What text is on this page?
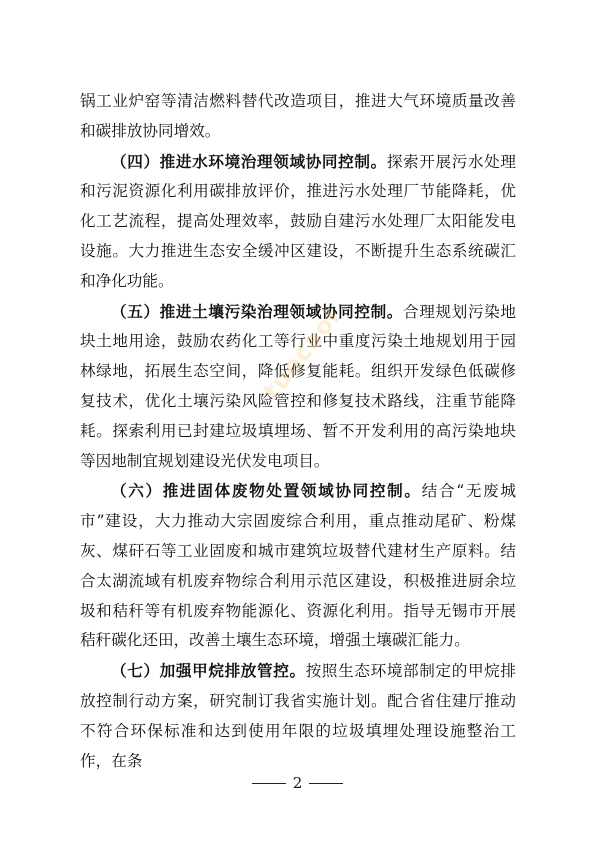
锅工业炉窑等清洁燃料替代改造项目，推进大气环境质量改善和碳排放协同增效。

（四）推进水环境治理领域协同控制。探索开展污水处理和污泥资源化利用碳排放评价，推进污水处理厂节能降耗，优化工艺流程，提高处理效率，鼓励自建污水处理厂太阳能发电设施。大力推进生态安全缓冲区建设，不断提升生态系统碳汇和净化功能。

（五）推进土壤污染治理领域协同控制。合理规划污染地块土地用途，鼓励农药化工等行业中重度污染土地规划用于园林绿地，拓展生态空间，降低修复能耗。组织开发绿色低碳修复技术，优化土壤污染风险管控和修复技术路线，注重节能降耗。探索利用已封建垃圾填埋场、暂不开发利用的高污染地块等因地制宜规划建设光伏发电项目。

（六）推进固体废物处置领域协同控制。结合“无废城市”建设，大力推动大宗固废综合利用，重点推动尾矿、粉煤灰、煤矸石等工业固废和城市建筑垃圾替代建材生产原料。结合太湖流域有机废弃物综合利用示范区建设，积极推进厨余垃圾和秸秆等有机废弃物能源化、资源化利用。指导无锡市开展秸秆碳化还田，改善土壤生态环境，增强土壤碳汇能力。

（七）加强甲烷排放管控。按照生态环境部制定的甲烷排放控制行动方案，研究制订我省实施计划。配合省住建厅推动不符合环保标准和达到使用年限的垃圾填埋处理设施整治工作，在条

tuocaol
2
